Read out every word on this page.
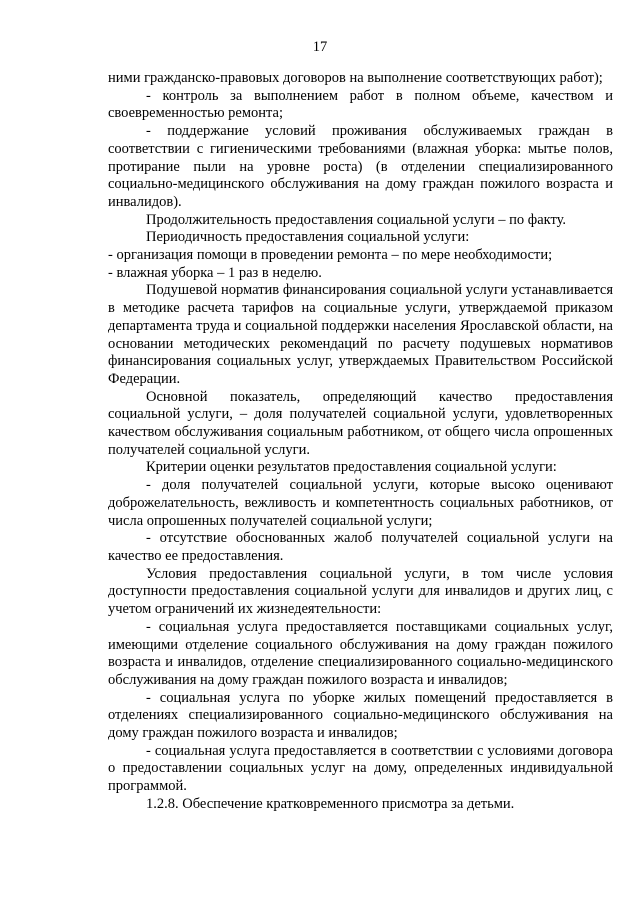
17

ними гражданско-правовых договоров на выполнение соответствующих работ);

- контроль за выполнением работ в полном объеме, качеством и своевременностью ремонта;

- поддержание условий проживания обслуживаемых граждан в соответствии с гигиеническими требованиями (влажная уборка: мытье полов, протирание пыли на уровне роста) (в отделении специализированного социально-медицинского обслуживания на дому граждан пожилого возраста и инвалидов).

Продолжительность предоставления социальной услуги – по факту.

Периодичность предоставления социальной услуги:

- организация помощи в проведении ремонта – по мере необходимости;

- влажная уборка – 1 раз в неделю.

Подушевой норматив финансирования социальной услуги устанавливается в методике расчета тарифов на социальные услуги, утверждаемой приказом департамента труда и социальной поддержки населения Ярославской области, на основании методических рекомендаций по расчету подушевых нормативов финансирования социальных услуг, утверждаемых Правительством Российской Федерации.

Основной показатель, определяющий качество предоставления социальной услуги, – доля получателей социальной услуги, удовлетворенных качеством обслуживания социальным работником, от общего числа опрошенных получателей социальной услуги.

Критерии оценки результатов предоставления социальной услуги:

- доля получателей социальной услуги, которые высоко оценивают доброжелательность, вежливость и компетентность социальных работников, от числа опрошенных получателей социальной услуги;

- отсутствие обоснованных жалоб получателей социальной услуги на качество ее предоставления.

Условия предоставления социальной услуги, в том числе условия доступности предоставления социальной услуги для инвалидов и других лиц, с учетом ограничений их жизнедеятельности:

- социальная услуга предоставляется поставщиками социальных услуг, имеющими отделение социального обслуживания на дому граждан пожилого возраста и инвалидов, отделение специализированного социально-медицинского обслуживания на дому граждан пожилого возраста и инвалидов;

- социальная услуга по уборке жилых помещений предоставляется в отделениях специализированного социально-медицинского обслуживания на дому граждан пожилого возраста и инвалидов;

- социальная услуга предоставляется в соответствии с условиями договора о предоставлении социальных услуг на дому, определенных индивидуальной программой.

1.2.8. Обеспечение кратковременного присмотра за детьми.
